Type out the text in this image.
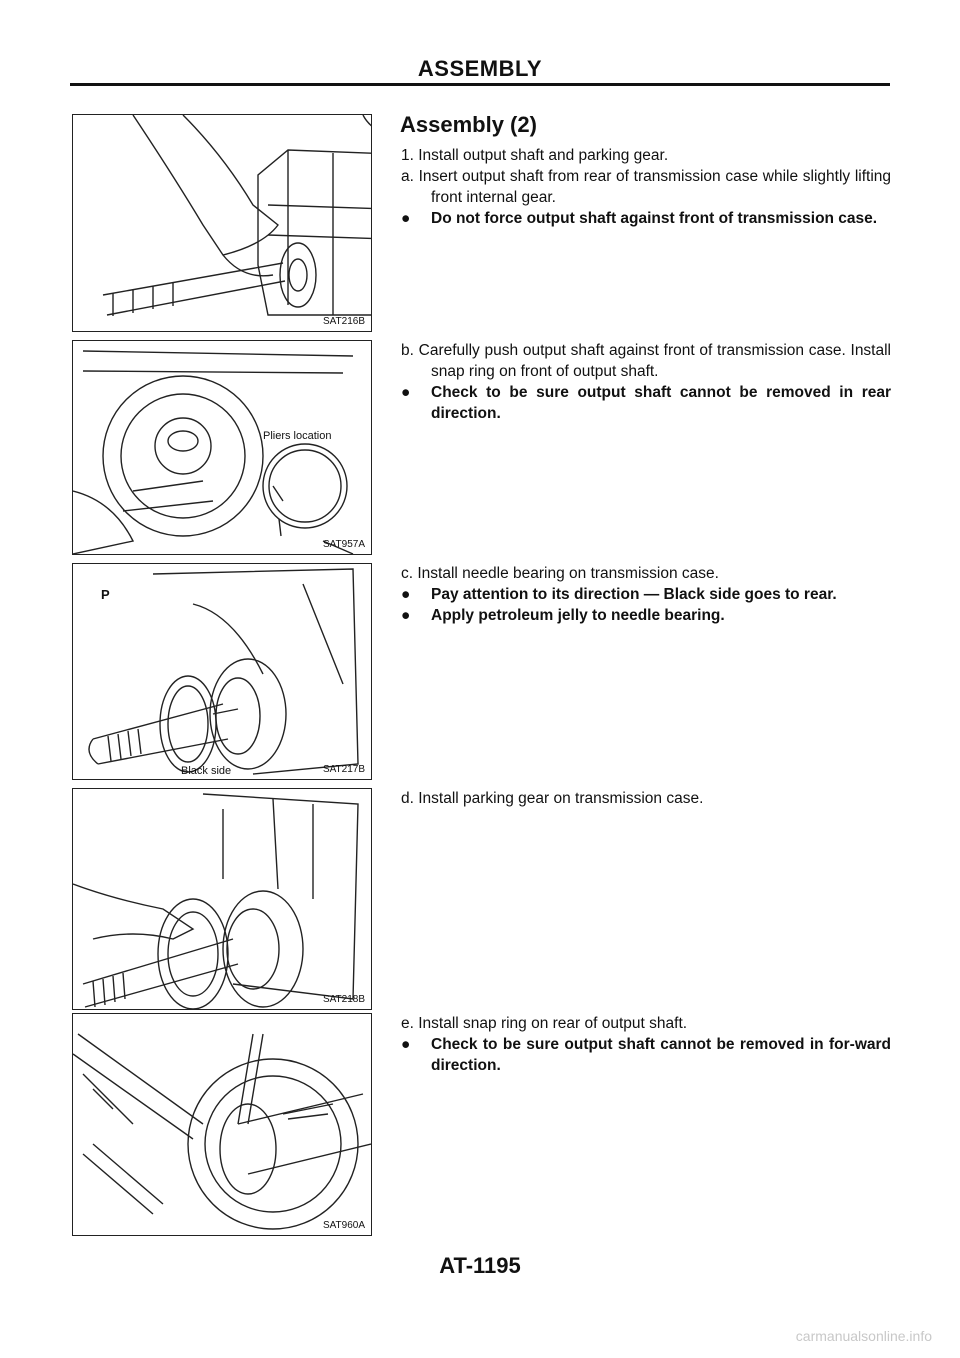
ASSEMBLY
SAT216B
Pliers location
SAT957A
P
Black side	SAT217B
SAT218B
SAT960A
Assembly (2)

1. Install output shaft and parking gear.

a. Insert output shaft from rear of transmission case while slightly lifting front internal gear.

● Do not force output shaft against front of transmission case.

b. Carefully push output shaft against front of transmission case. Install snap ring on front of output shaft.

● Check to be sure output shaft cannot be removed in rear direction.

c. Install needle bearing on transmission case.

● Pay attention to its direction — Black side goes to rear.

● Apply petroleum jelly to needle bearing.

d. Install parking gear on transmission case.

e. Install snap ring on rear of output shaft.

● Check to be sure output shaft cannot be removed in for-ward direction.

AT-1195
carmanualsonline.info
